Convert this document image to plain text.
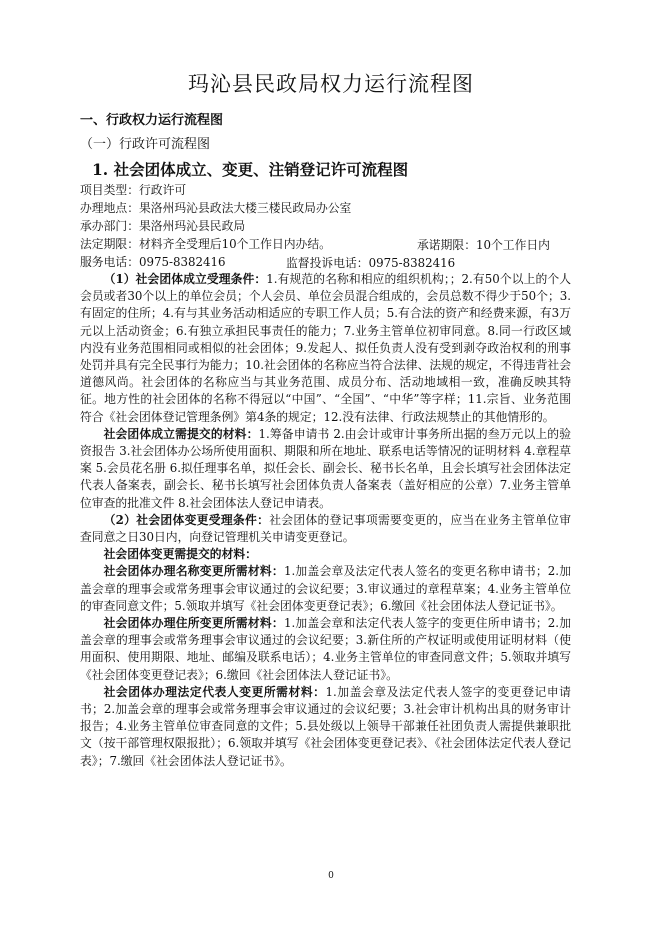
玛沁县民政局权力运行流程图
一、行政权力运行流程图
（一）行政许可流程图
1. 社会团体成立、变更、注销登记许可流程图
项目类型：行政许可
办理地点：果洛州玛沁县政法大楼三楼民政局办公室
承办部门：果洛州玛沁县民政局
法定期限：材料齐全受理后10个工作日内办结。	承诺期限：10个工作日内
服务电话：0975-8382416	监督投诉电话：0975-8382416

（1）社会团体成立受理条件：1.有规范的名称和相应的组织机构；；2.有50个以上的个人会员或者30个以上的单位会员；个人会员、单位会员混合组成的，会员总数不得少于50个；3.有固定的住所；4.有与其业务活动相适应的专职工作人员；5.有合法的资产和经费来源，有3万元以上活动资金；6.有独立承担民事责任的能力；7.业务主管单位初审同意。8.同一行政区域内没有业务范围相同或相似的社会团体；9.发起人、拟任负责人没有受到剥夺政治权利的刑事处罚并具有完全民事行为能力；10.社会团体的名称应当符合法律、法规的规定，不得违背社会道德风尚。社会团体的名称应当与其业务范围、成员分布、活动地域相一致，准确反映其特征。地方性的社会团体的名称不得冠以“中国”、“全国”、“中华”等字样；11.宗旨、业务范围符合《社会团体登记管理条例》第4条的规定；12.没有法律、行政法规禁止的其他情形的。

社会团体成立需提交的材料：1.筹备申请书 2.由会计或审计事务所出据的叁万元以上的验资报告 3.社会团体办公场所使用面积、期限和所在地址、联系电话等情况的证明材料 4.章程草案 5.会员花名册 6.拟任理事名单，拟任会长、副会长、秘书长名单，且会长填写社会团体法定代表人备案表，副会长、秘书长填写社会团体负责人备案表（盖好相应的公章）7.业务主管单位审查的批准文件 8.社会团体法人登记申请表。

（2）社会团体变更受理条件：社会团体的登记事项需要变更的，应当在业务主管单位审查同意之日30日内，向登记管理机关申请变更登记。

社会团体变更需提交的材料：

社会团体办理名称变更所需材料：1.加盖会章及法定代表人签名的变更名称申请书；2.加盖会章的理事会或常务理事会审议通过的会议纪要；3.审议通过的章程草案；4.业务主管单位的审查同意文件；5.领取并填写《社会团体变更登记表》；6.缴回《社会团体法人登记证书》。

社会团体办理住所变更所需材料：1.加盖会章和法定代表人签字的变更住所申请书；2.加盖会章的理事会或常务理事会审议通过的会议纪要；3.新住所的产权证明或使用证明材料（使用面积、使用期限、地址、邮编及联系电话）；4.业务主管单位的审查同意文件；5.领取并填写《社会团体变更登记表》；6.缴回《社会团体法人登记证书》。

社会团体办理法定代表人变更所需材料：1.加盖会章及法定代表人签字的变更登记申请书；2.加盖会章的理事会或常务理事会审议通过的会议纪要；3.社会审计机构出具的财务审计报告；4.业务主管单位审查同意的文件；5.县处级以上领导干部兼任社团负责人需提供兼职批文（按干部管理权限报批）；6.领取并填写《社会团体变更登记表》、《社会团体法定代表人登记表》；7.缴回《社会团体法人登记证书》。

0
